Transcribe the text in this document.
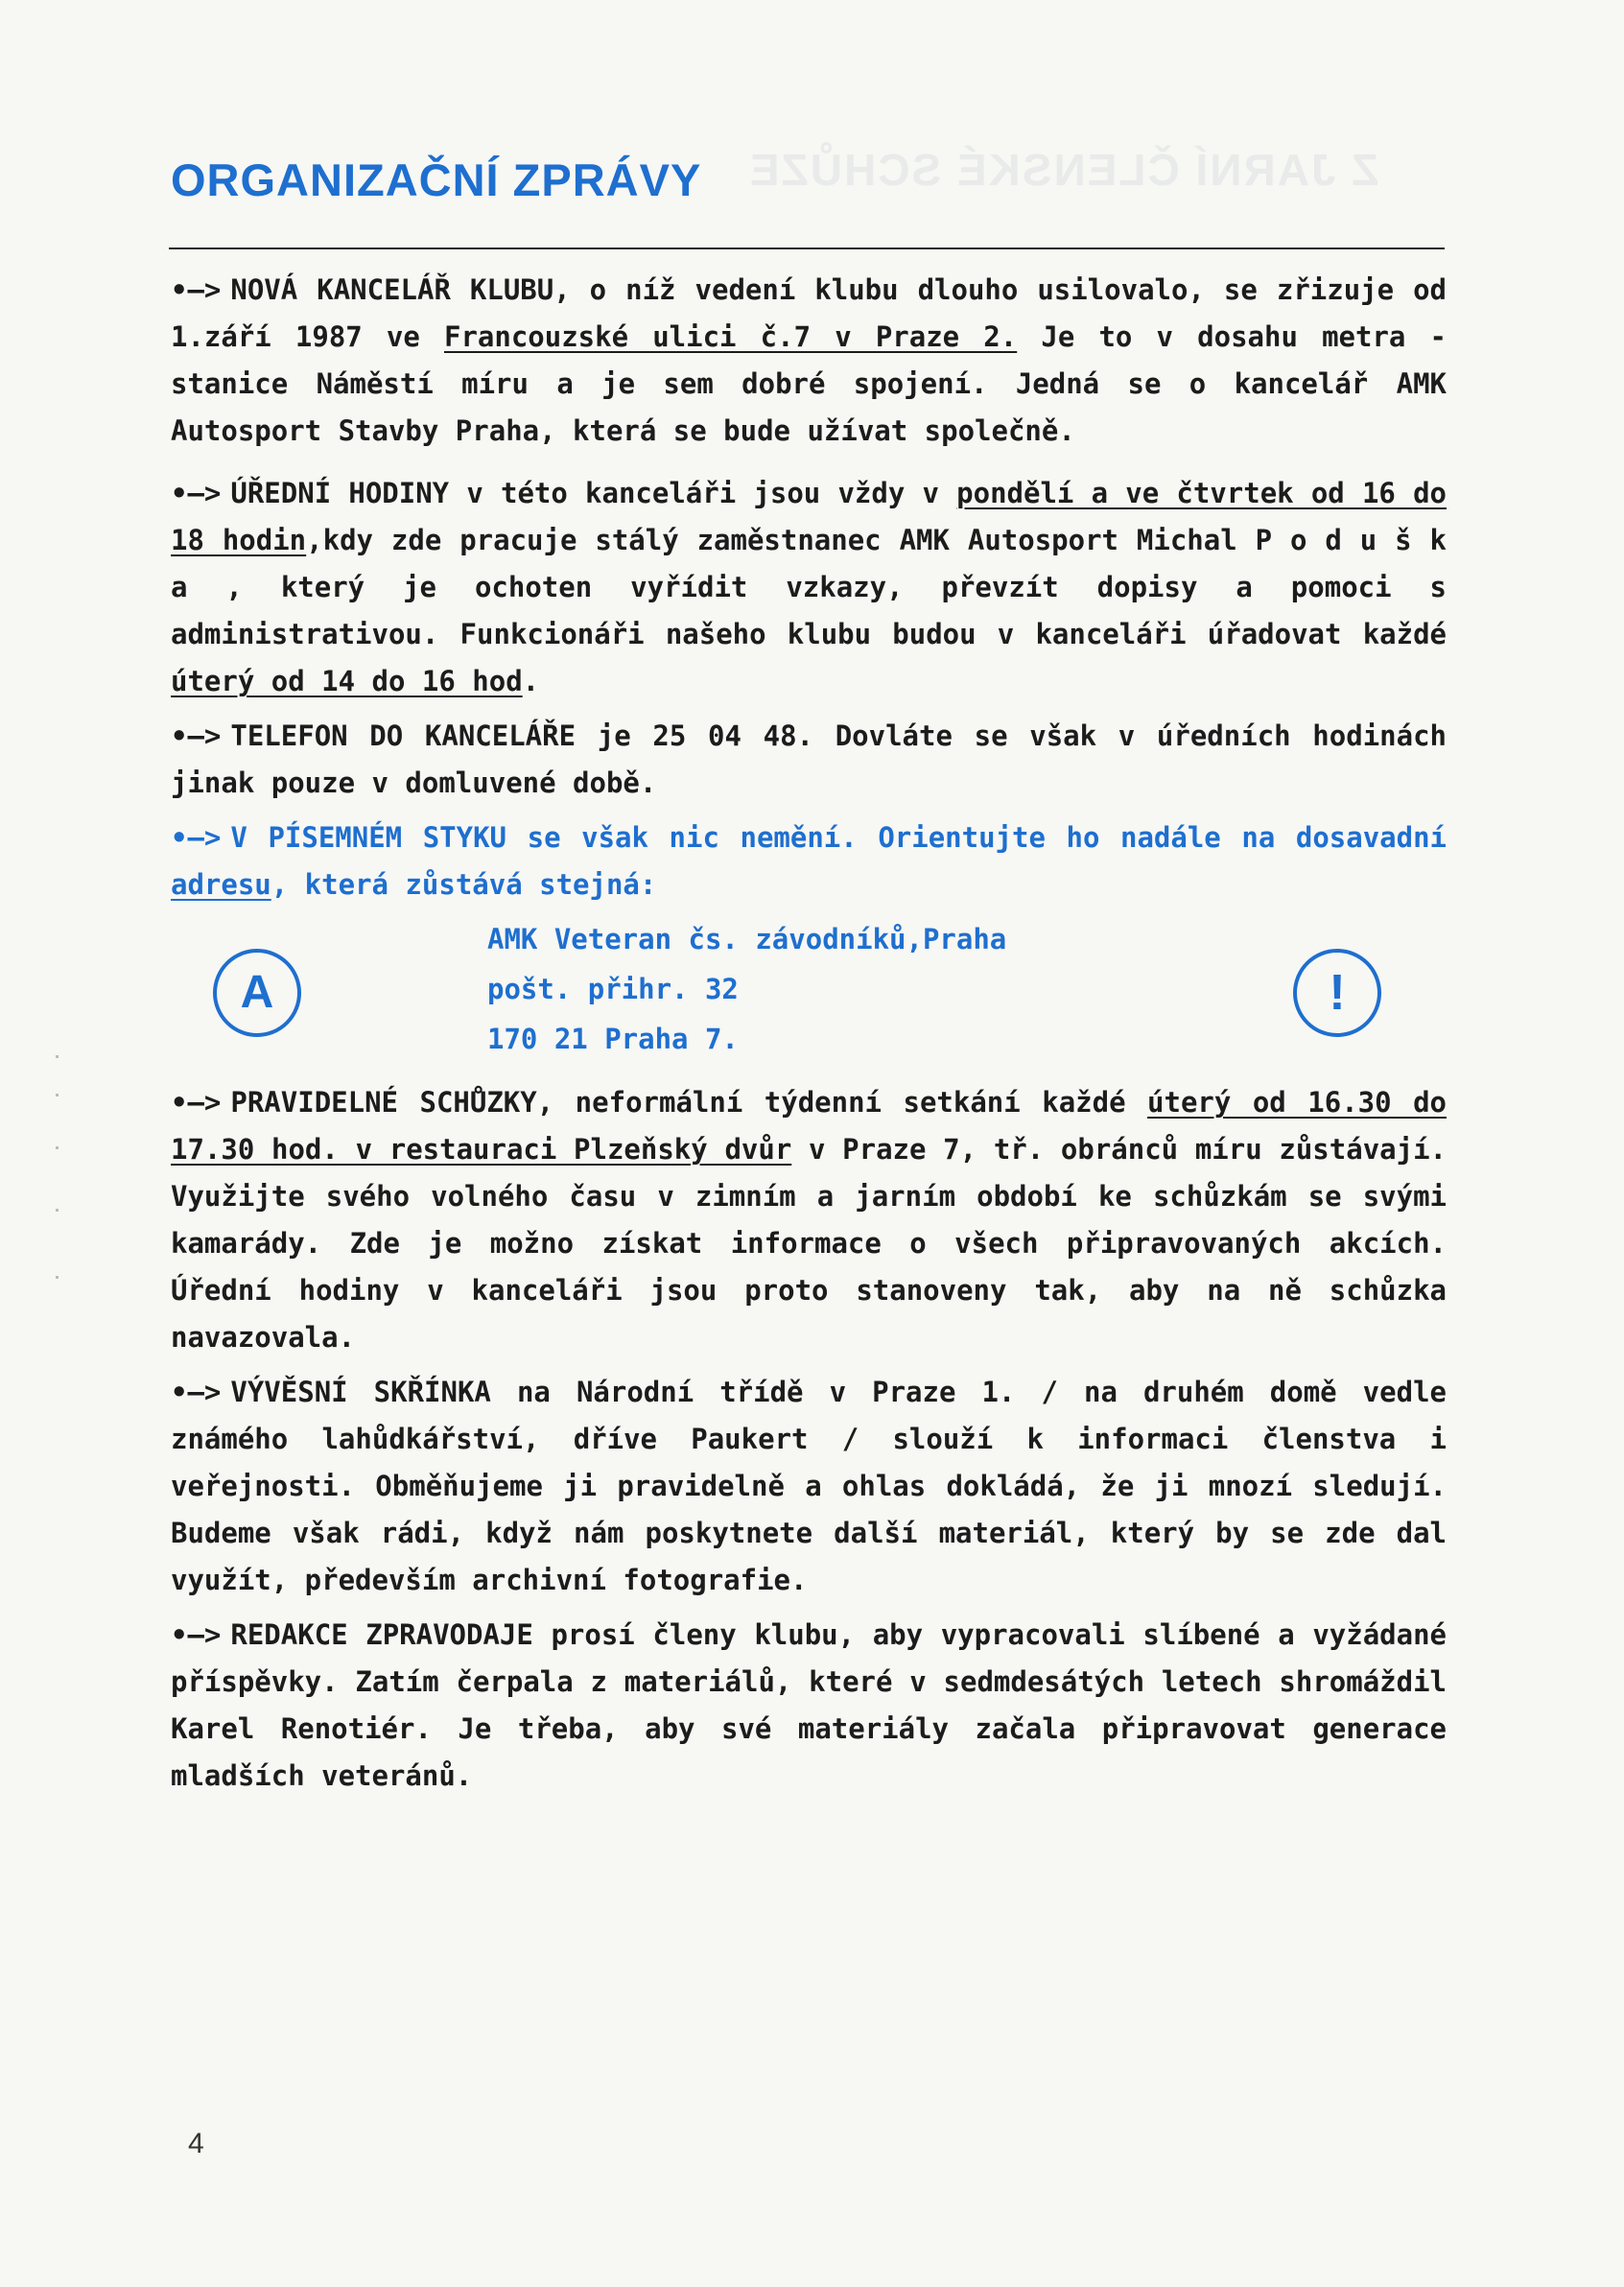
Z JARNÍ ČLENSKÉ SCHŮZE
ORGANIZAČNÍ ZPRÁVY

•—> NOVÁ KANCELÁŘ KLUBU, o níž vedení klubu dlouho usilovalo, se zřizuje od 1.září 1987 ve Francouzské ulici č.7 v Praze 2. Je to v dosahu metra - stanice Náměstí míru a je sem dobré spojení. Jedná se o kancelář AMK Autosport Stavby Praha, která se bude užívat společně.

•—> ÚŘEDNÍ HODINY v této kanceláři jsou vždy v pondělí a ve čtvrtek od 16 do 18 hodin,kdy zde pracuje stálý zaměstnanec AMK Autosport Michal P o d u š k a , který je ochoten vyřídit vzkazy, převzít dopisy a pomoci s administrativou. Funkcionáři našeho klubu budou v kanceláři úřadovat každé úterý od 14 do 16 hod.

•—> TELEFON DO KANCELÁŘE je 25 04 48. Dovláte se však v úředních hodinách jinak pouze v domluvené době.

•—> V PÍSEMNÉM STYKU se však nic nemění. Orientujte ho nadále na dosavadní adresu, která zůstává stejná:

A
AMK Veteran čs. závodníků,Praha
pošt. přihr. 32
170 21 Praha 7.
!

•—> PRAVIDELNÉ SCHŮZKY, neformální týdenní setkání každé úterý od 16.30 do 17.30 hod. v restauraci Plzeňský dvůr v Praze 7, tř. obránců míru zůstávají. Využijte svého volného času v zimním a jarním období ke schůzkám se svými kamarády. Zde je možno získat informace o všech připravovaných akcích. Úřední hodiny v kanceláři jsou proto stanoveny tak, aby na ně schůzka navazovala.

•—> VÝVĚSNÍ SKŘÍNKA na Národní třídě v Praze 1. / na druhém domě vedle známého lahůdkářství, dříve Paukert / slouží k informaci členstva i veřejnosti. Obměňujeme ji pravidelně a ohlas dokládá, že ji mnozí sledují. Budeme však rádi, když nám poskytnete další materiál, který by se zde dal využít, především archivní fotografie.

•—> REDAKCE ZPRAVODAJE prosí členy klubu, aby vypracovali slíbené a vyžádané příspěvky. Zatím čerpala z materiálů, které v sedmdesátých letech shromáždil Karel Renotiér. Je třeba, aby své materiály začala připravovat generace mladších veteránů.

4
